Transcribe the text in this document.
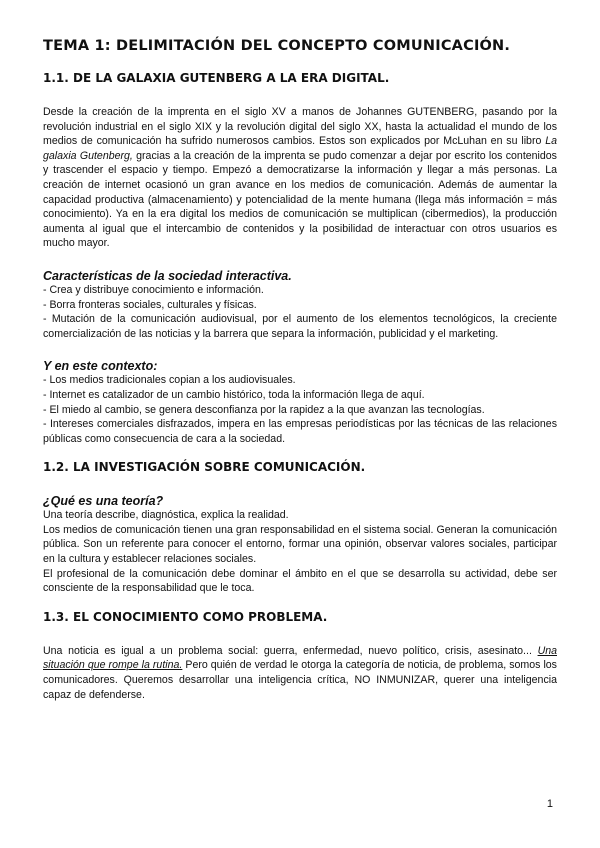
TEMA 1: DELIMITACIÓN DEL CONCEPTO COMUNICACIÓN.
1.1. DE LA GALAXIA GUTENBERG A LA ERA DIGITAL.

Desde la creación de la imprenta en el siglo XV a manos de Johannes GUTENBERG, pasando por la revolución industrial en el siglo XIX y la revolución digital del siglo XX, hasta la actualidad el mundo de los medios de comunicación ha sufrido numerosos cambios. Estos son explicados por McLuhan en su libro La galaxia Gutenberg, gracias a la creación de la imprenta se pudo comenzar a dejar por escrito los contenidos y trascender el espacio y tiempo. Empezó a democratizarse la información y llegar a más personas. La creación de internet ocasionó un gran avance en los medios de comunicación. Además de aumentar la capacidad productiva (almacenamiento) y potencialidad de la mente humana (llega más información = más conocimiento). Ya en la era digital los medios de comunicación se multiplican (cibermedios), la producción aumenta al igual que el intercambio de contenidos y la posibilidad de interactuar con otros usuarios es mucho mayor.

Características de la sociedad interactiva.

- Crea y distribuye conocimiento e información.

- Borra fronteras sociales, culturales y físicas.

- Mutación de la comunicación audiovisual, por el aumento de los elementos tecnológicos, la creciente comercialización de las noticias y la barrera que separa la información, publicidad y el marketing.

Y en este contexto:

- Los medios tradicionales copian a los audiovisuales.

- Internet es catalizador de un cambio histórico, toda la información llega de aquí.

- El miedo al cambio, se genera desconfianza por la rapidez a la que avanzan las tecnologías.

- Intereses comerciales disfrazados, impera en las empresas periodísticas por las técnicas de las relaciones públicas como consecuencia de cara a la sociedad.

1.2. LA INVESTIGACIÓN SOBRE COMUNICACIÓN.
¿Qué es una teoría?

Una teoría describe, diagnóstica, explica la realidad.

Los medios de comunicación tienen una gran responsabilidad en el sistema social. Generan la comunicación pública. Son un referente para conocer el entorno, formar una opinión, observar valores sociales, participar en la cultura y establecer relaciones sociales.

El profesional de la comunicación debe dominar el ámbito en el que se desarrolla su actividad, debe ser consciente de la responsabilidad que le toca.

1.3. EL CONOCIMIENTO COMO PROBLEMA.

Una noticia es igual a un problema social: guerra, enfermedad, nuevo político, crisis, asesinato... Una situación que rompe la rutina. Pero quién de verdad le otorga la categoría de noticia, de problema, somos los comunicadores. Queremos desarrollar una inteligencia crítica, NO INMUNIZAR, querer una inteligencia capaz de defenderse.

1
